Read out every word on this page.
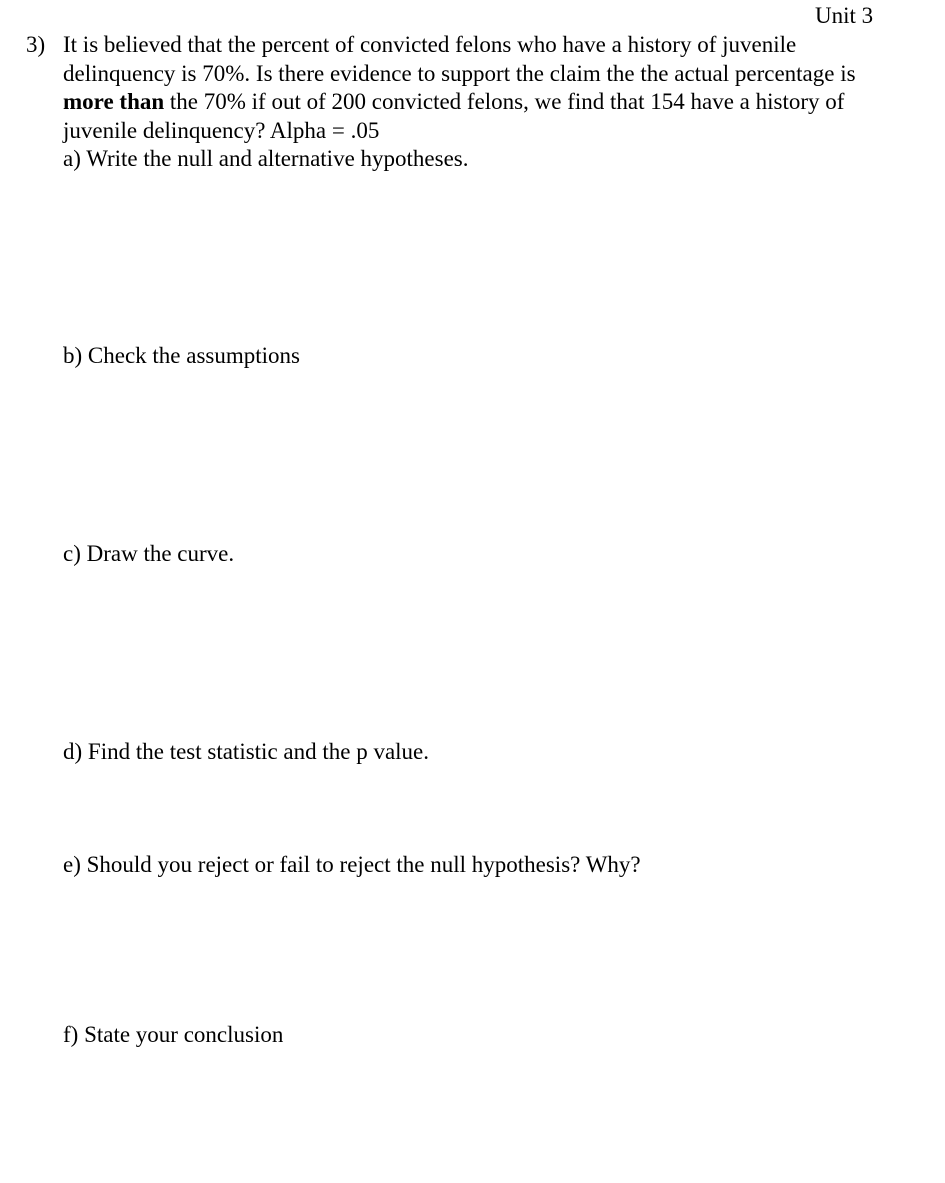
Unit 3
3) It is believed that the percent of convicted felons who have a history of juvenile delinquency is 70%. Is there evidence to support the claim the the actual percentage is more than the 70% if out of 200 convicted felons, we find that 154 have a history of juvenile delinquency? Alpha = .05

a) Write the null and alternative hypotheses.

b) Check the assumptions
c) Draw the curve.
d) Find the test statistic and the p value.
e) Should you reject or fail to reject the null hypothesis? Why?
f) State your conclusion
